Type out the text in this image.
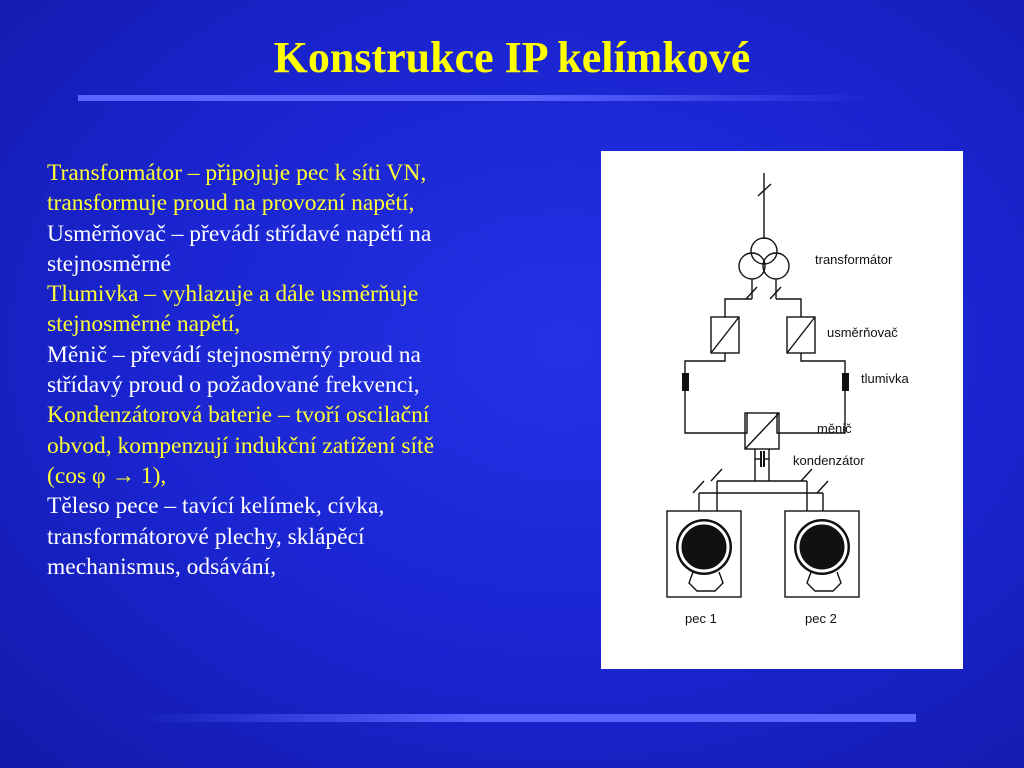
Konstrukce IP kelímkové
Transformátor – připojuje pec k síti VN,
transformuje proud na provozní napětí,
Usměrňovač – převádí střídavé napětí na
stejnosměrné
Tlumivka – vyhlazuje a dále usměrňuje
stejnosměrné napětí,
Měnič – převádí stejnosměrný proud na
střídavý proud o požadované frekvenci,
Kondenzátorová baterie – tvoří oscilační
obvod, kompenzují indukční zatížení sítě
(cos φ → 1),
Těleso pece – tavící kelímek, cívka,
transformátorové plechy, sklápěcí
mechanismus, odsávání,
transformátor
usměrňovač
tlumivka
měnič
kondenzátor
pec 1	pec 2
